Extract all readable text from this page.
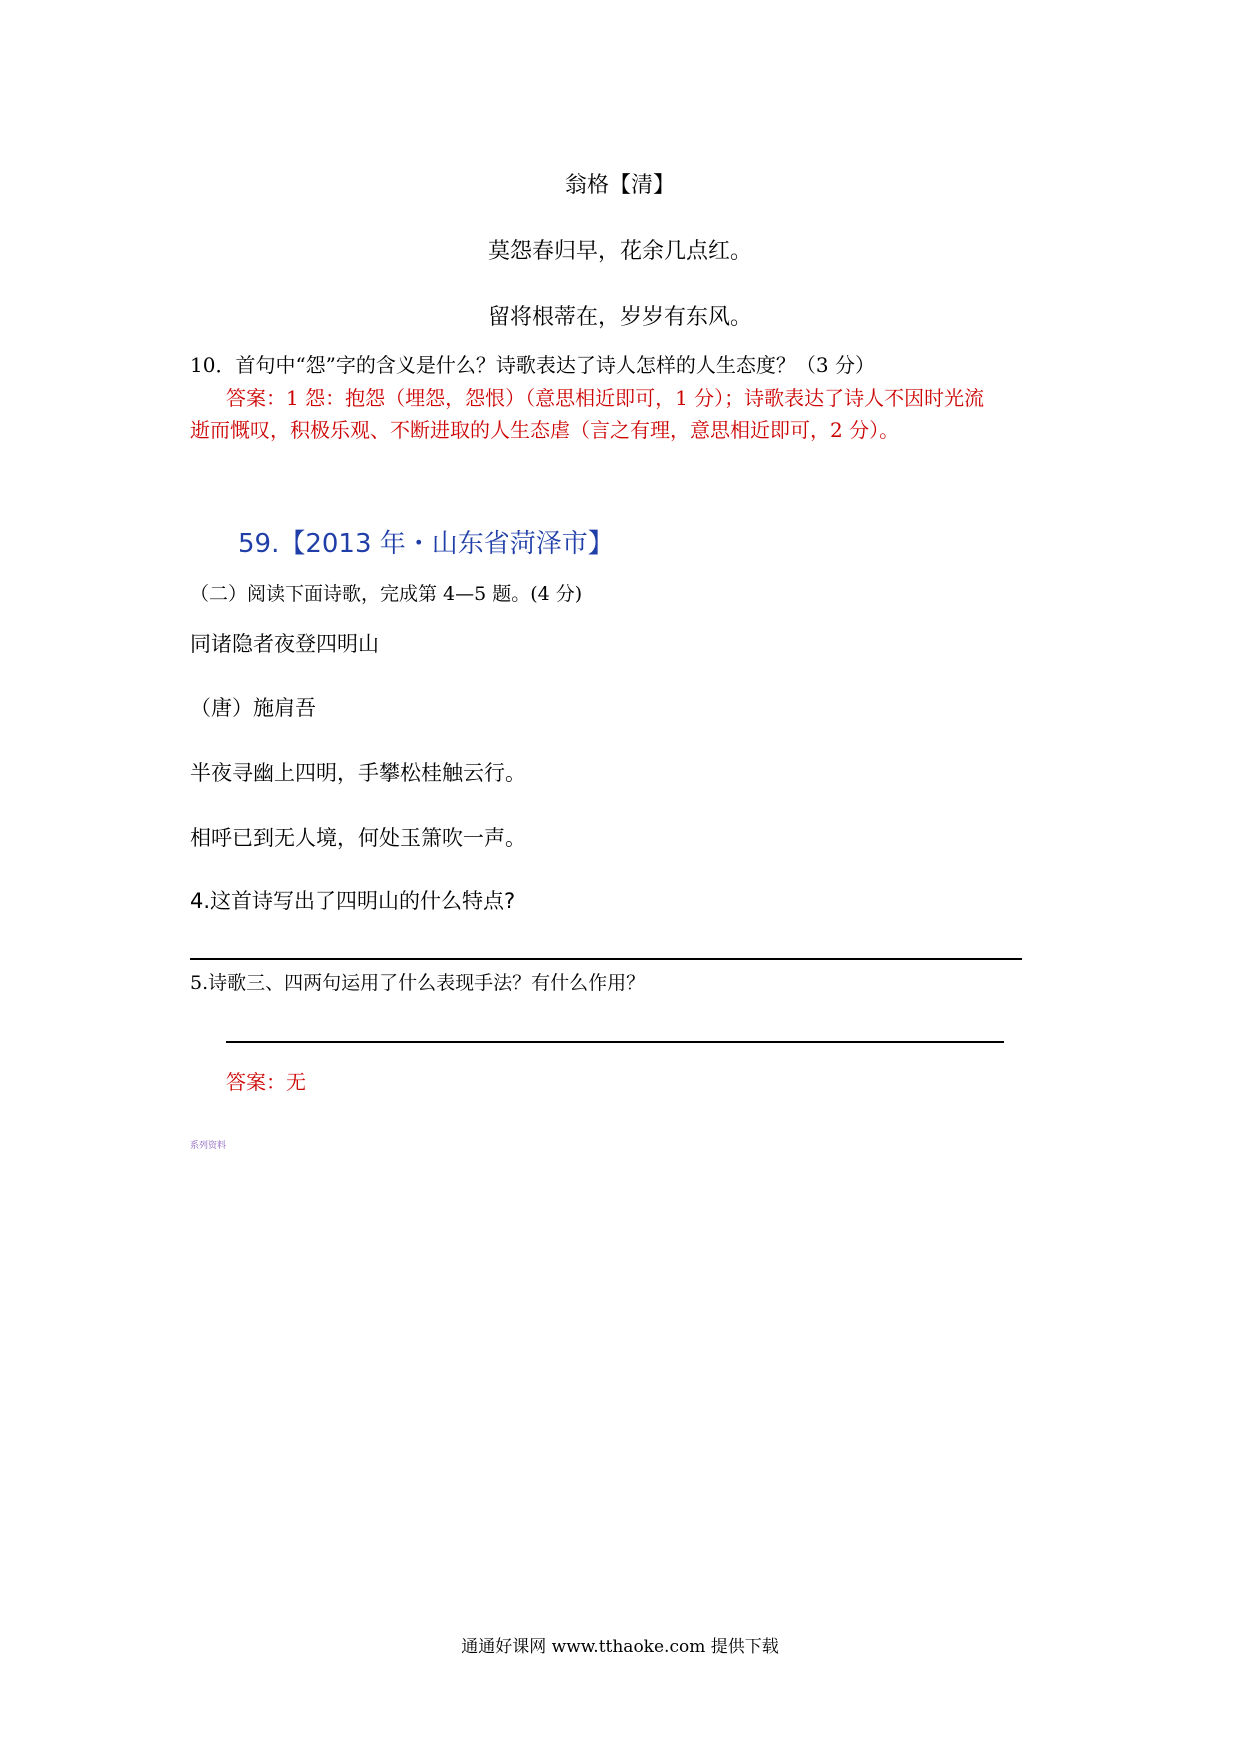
翁格【清】
莫怨春归早，花余几点红。
留将根蒂在，岁岁有东风。
10．首句中“怨”字的含义是什么？诗歌表达了诗人怎样的人生态度？（3 分）
答案：1 怨：抱怨（埋怨，怨恨）（意思相近即可，1 分）；诗歌表达了诗人不因时光流
逝而慨叹，积极乐观、不断进取的人生态虐（言之有理，意思相近即可，2 分）。
59.【2013 年・山东省菏泽市】
（二）阅读下面诗歌，完成第 4—5 题。(4 分)
同诸隐者夜登四明山
（唐）施肩吾
半夜寻幽上四明，手攀松桂触云行。
相呼已到无人境，何处玉箫吹一声。
4.这首诗写出了四明山的什么特点?
5.诗歌三、四两句运用了什么表现手法？有什么作用？
答案：无
系列资料
通通好课网 www.tthaoke.com 提供下载
